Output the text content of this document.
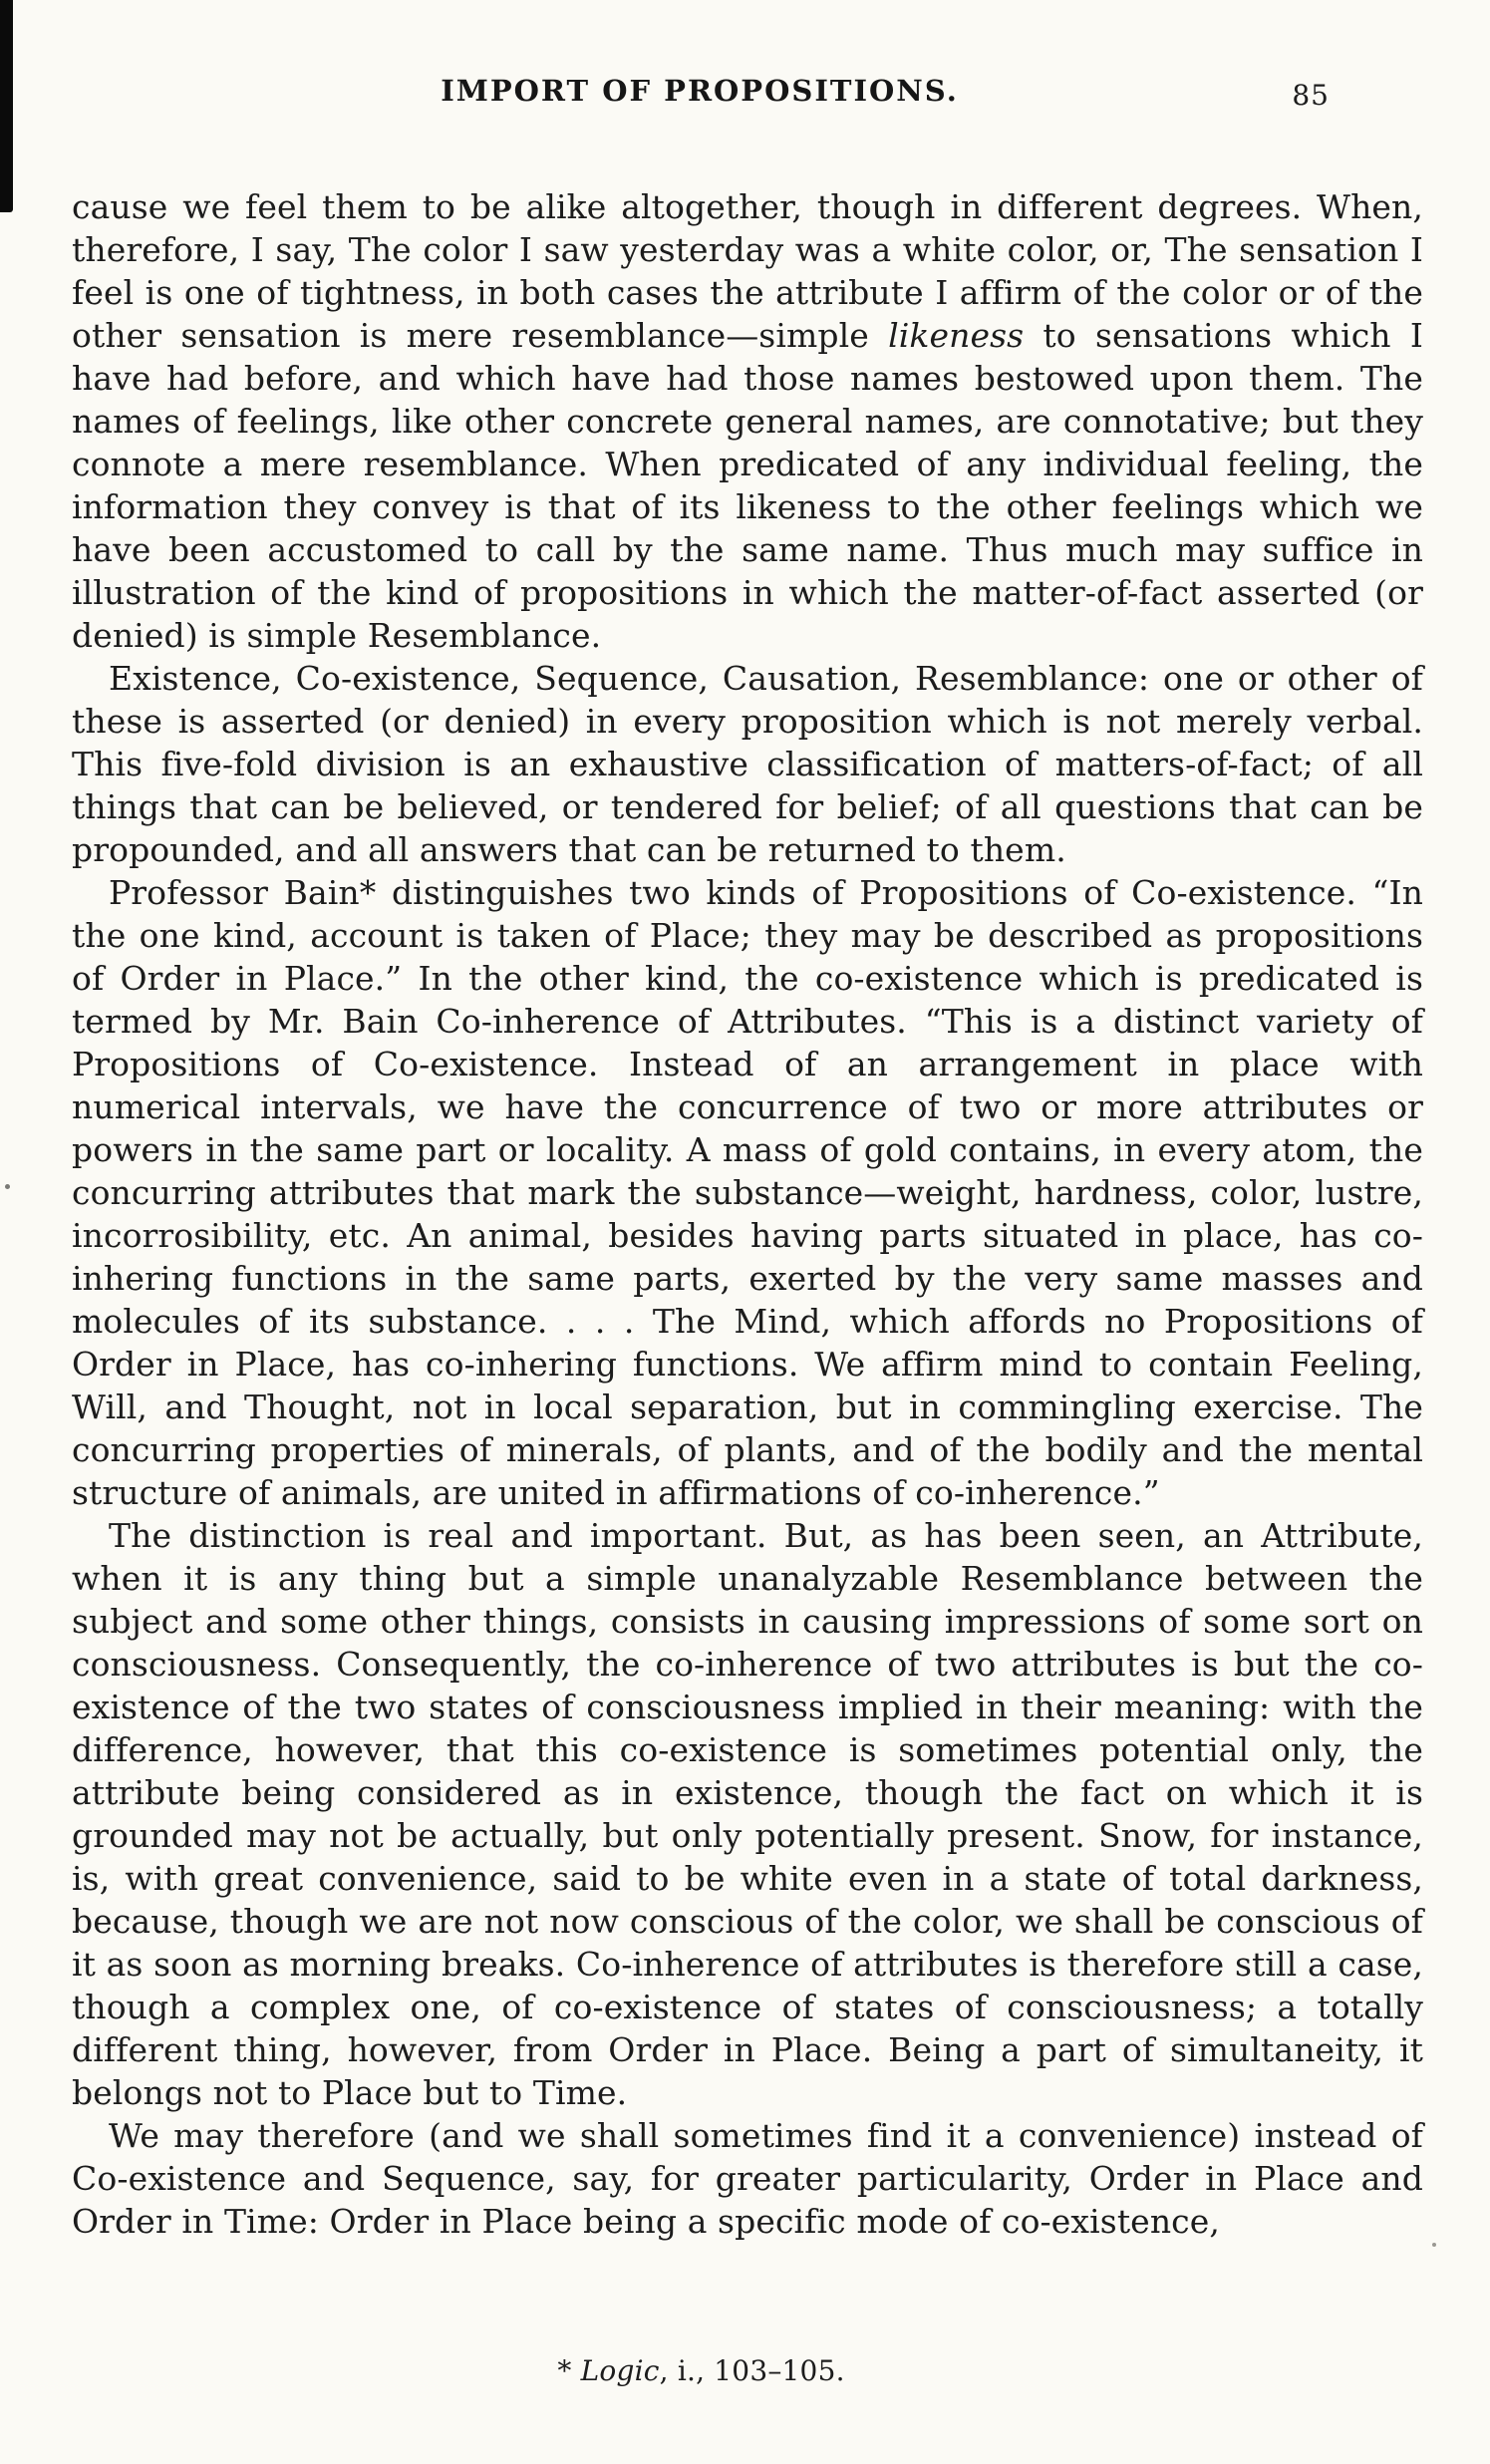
IMPORT OF PROPOSITIONS.	85

cause we feel them to be alike altogether, though in different degrees. When, therefore, I say, The color I saw yesterday was a white color, or, The sensation I feel is one of tightness, in both cases the attribute I affirm of the color or of the other sensation is mere resemblance—simple likeness to sensations which I have had before, and which have had those names bestowed upon them. The names of feelings, like other concrete general names, are connotative; but they connote a mere resemblance. When predicated of any individual feeling, the information they convey is that of its likeness to the other feelings which we have been accustomed to call by the same name. Thus much may suffice in illustration of the kind of propositions in which the matter-of-fact asserted (or denied) is simple Resemblance.

Existence, Co-existence, Sequence, Causation, Resemblance: one or other of these is asserted (or denied) in every proposition which is not merely verbal. This five-fold division is an exhaustive classification of matters-of-fact; of all things that can be believed, or tendered for belief; of all questions that can be propounded, and all answers that can be returned to them.

Professor Bain* distinguishes two kinds of Propositions of Co-existence. “In the one kind, account is taken of Place; they may be described as propositions of Order in Place.” In the other kind, the co-existence which is predicated is termed by Mr. Bain Co-inherence of Attributes. “This is a distinct variety of Propositions of Co-existence. Instead of an arrangement in place with numerical intervals, we have the concurrence of two or more attributes or powers in the same part or locality. A mass of gold contains, in every atom, the concurring attributes that mark the substance—weight, hardness, color, lustre, incorrosibility, etc. An animal, besides having parts situated in place, has co-inhering functions in the same parts, exerted by the very same masses and molecules of its substance. . . . The Mind, which affords no Propositions of Order in Place, has co-inhering functions. We affirm mind to contain Feeling, Will, and Thought, not in local separation, but in commingling exercise. The concurring properties of minerals, of plants, and of the bodily and the mental structure of animals, are united in affirmations of co-inherence.”

The distinction is real and important. But, as has been seen, an Attribute, when it is any thing but a simple unanalyzable Resemblance between the subject and some other things, consists in causing impressions of some sort on consciousness. Consequently, the co-inherence of two attributes is but the co-existence of the two states of consciousness implied in their meaning: with the difference, however, that this co-existence is sometimes potential only, the attribute being considered as in existence, though the fact on which it is grounded may not be actually, but only potentially present. Snow, for instance, is, with great convenience, said to be white even in a state of total darkness, because, though we are not now conscious of the color, we shall be conscious of it as soon as morning breaks. Co-inherence of attributes is therefore still a case, though a complex one, of co-existence of states of consciousness; a totally different thing, however, from Order in Place. Being a part of simultaneity, it belongs not to Place but to Time.

We may therefore (and we shall sometimes find it a convenience) instead of Co-existence and Sequence, say, for greater particularity, Order in Place and Order in Time: Order in Place being a specific mode of co-existence,

* Logic, i., 103–105.
